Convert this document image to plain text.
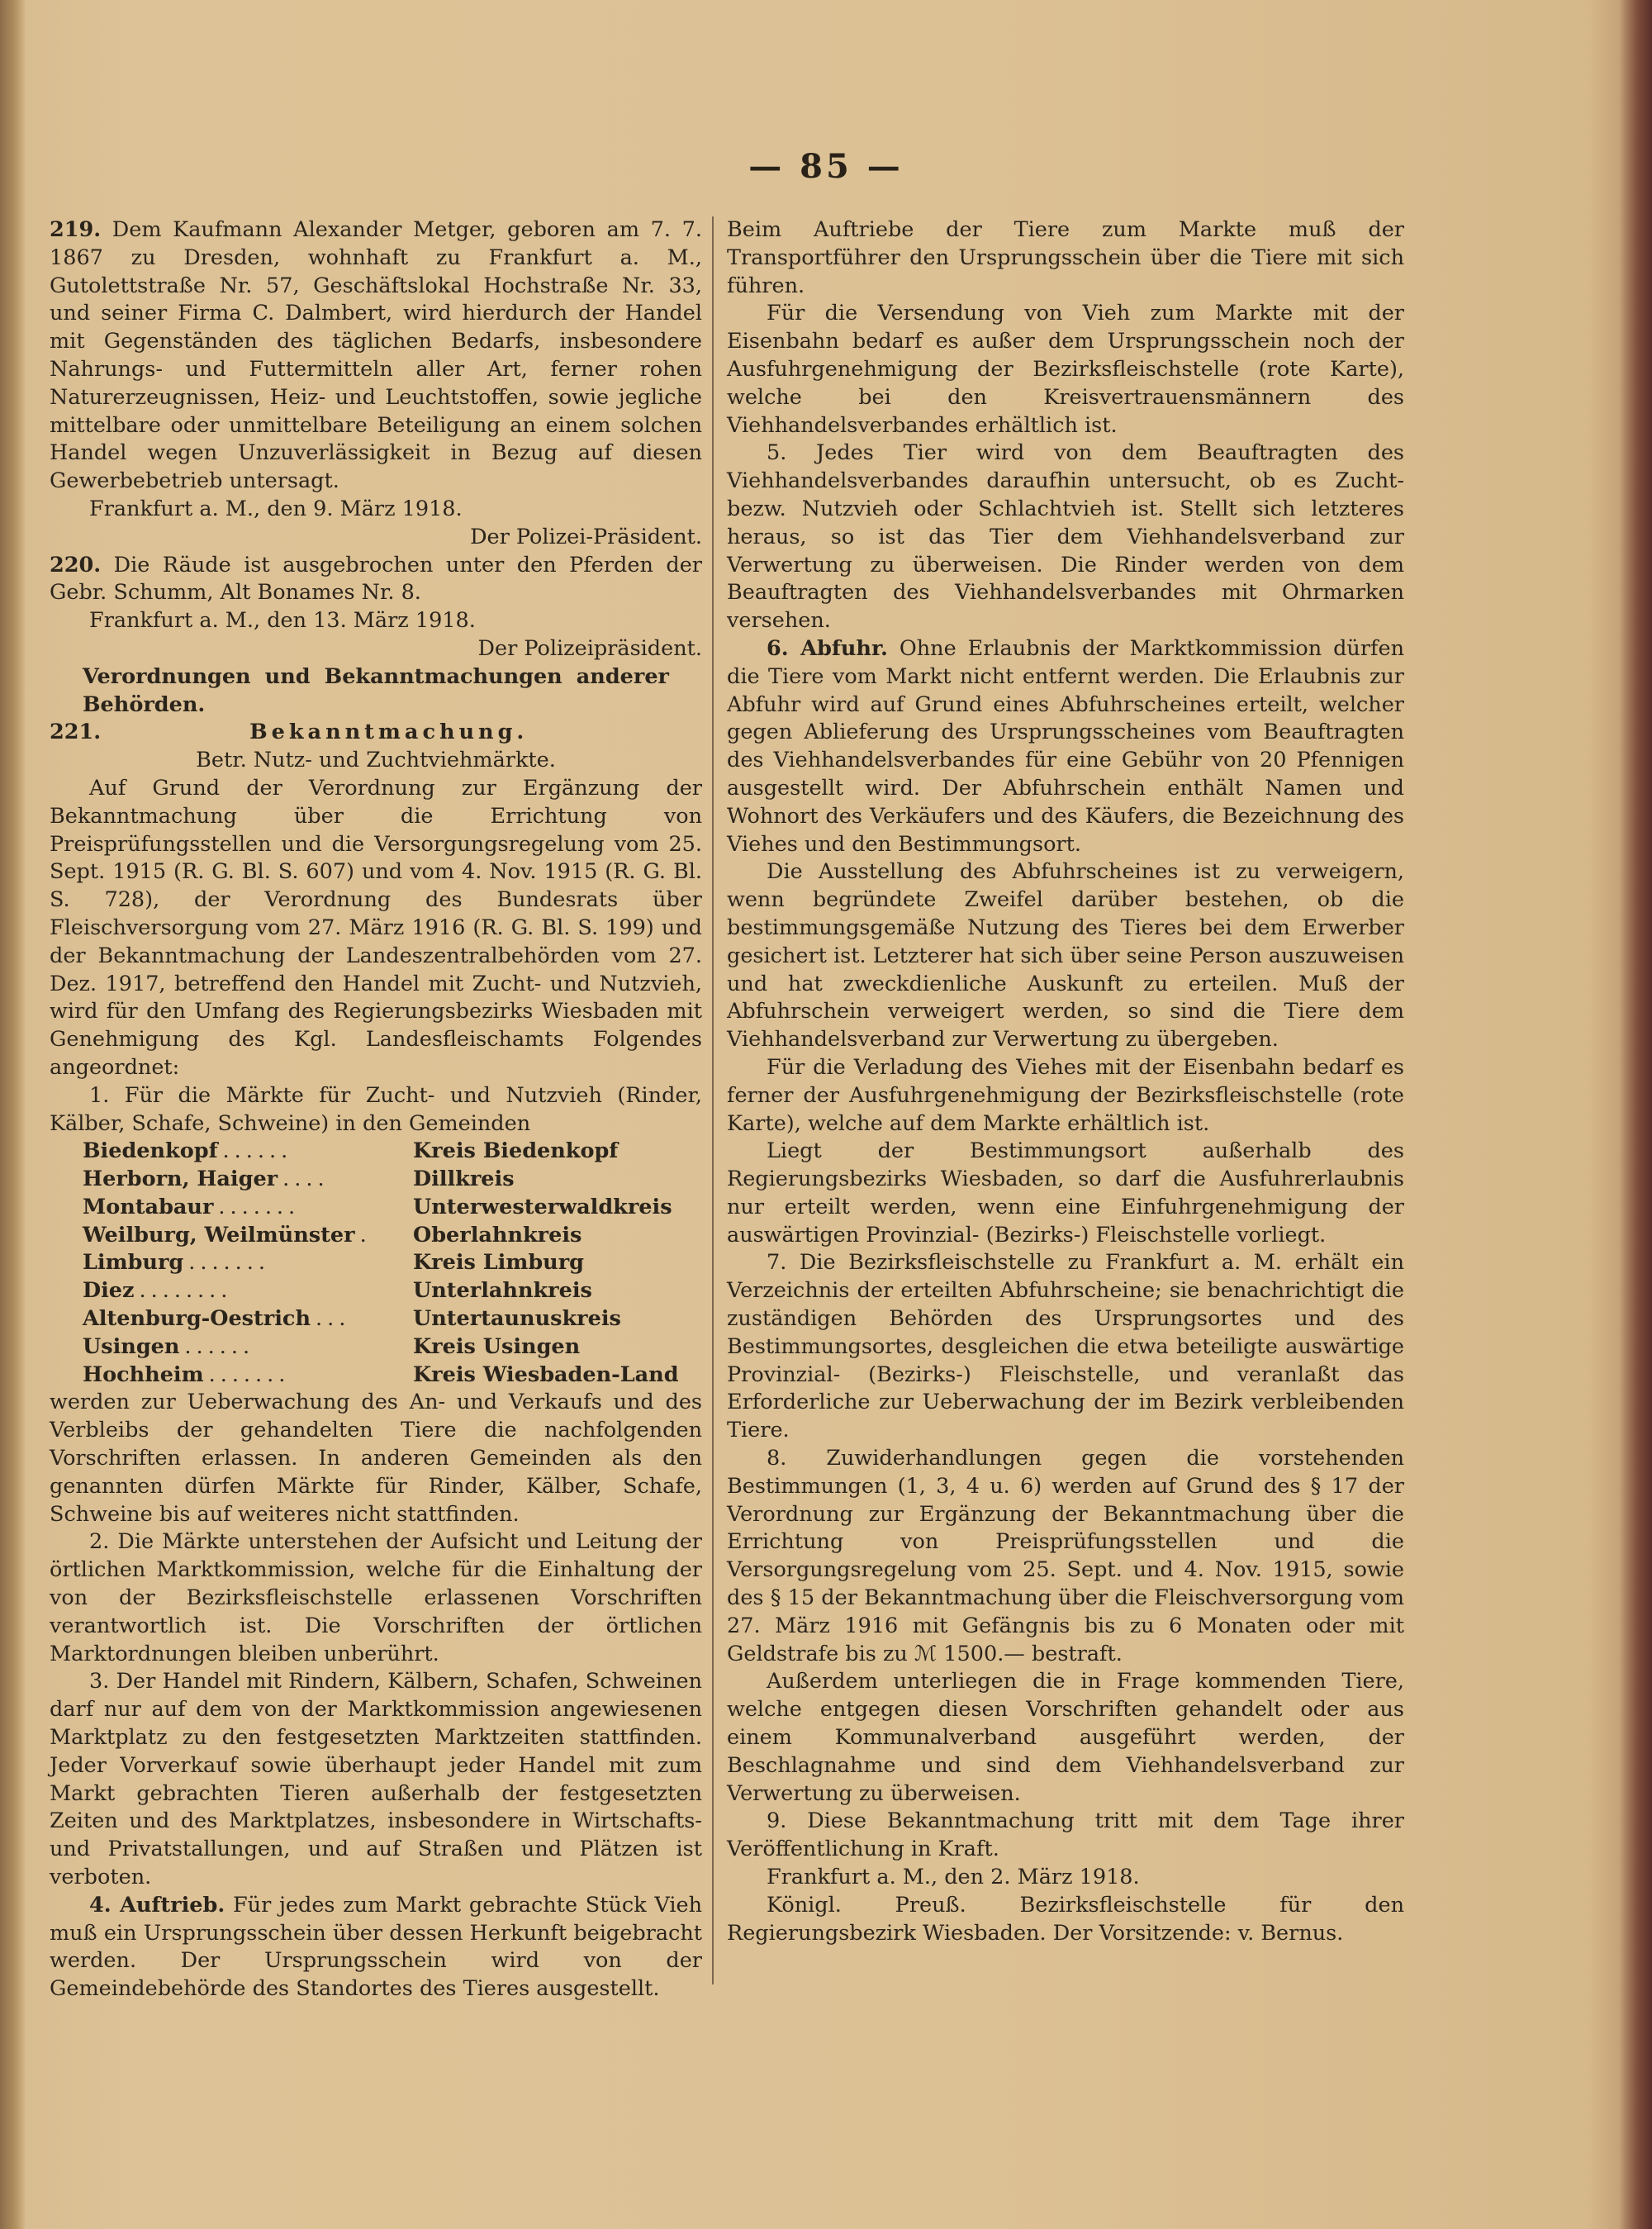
— 85 —

219. Dem Kaufmann Alexander Metger, geboren am 7. 7. 1867 zu Dresden, wohnhaft zu Frankfurt a. M., Gutolettstraße Nr. 57, Geschäftslokal Hochstraße Nr. 33, und seiner Firma C. Dalmbert, wird hierdurch der Handel mit Gegenständen des täglichen Bedarfs, insbesondere Nahrungs- und Futtermitteln aller Art, ferner rohen Naturerzeugnissen, Heiz- und Leuchtstoffen, sowie jegliche mittelbare oder unmittelbare Beteiligung an einem solchen Handel wegen Unzuverlässigkeit in Bezug auf diesen Gewerbebetrieb untersagt.

Frankfurt a. M., den 9. März 1918.

Der Polizei-Präsident.

220. Die Räude ist ausgebrochen unter den Pferden der Gebr. Schumm, Alt Bonames Nr. 8.

Frankfurt a. M., den 13. März 1918.

Der Polizeipräsident.

Verordnungen und Bekanntmachungen anderer Behörden.

221.	Bekanntmachung.

Betr. Nutz- und Zuchtviehmärkte.

Auf Grund der Verordnung zur Ergänzung der Bekanntmachung über die Errichtung von Preisprüfungsstellen und die Versorgungsregelung vom 25. Sept. 1915 (R. G. Bl. S. 607) und vom 4. Nov. 1915 (R. G. Bl. S. 728), der Verordnung des Bundesrats über Fleischversorgung vom 27. März 1916 (R. G. Bl. S. 199) und der Bekanntmachung der Landeszentralbehörden vom 27. Dez. 1917, betreffend den Handel mit Zucht- und Nutzvieh, wird für den Umfang des Regierungsbezirks Wiesbaden mit Genehmigung des Kgl. Landesfleischamts Folgendes angeordnet:

1. Für die Märkte für Zucht- und Nutzvieh (Rinder, Kälber, Schafe, Schweine) in den Gemeinden

Biedenkopf ......	Kreis Biedenkopf
Herborn, Haiger ....	Dillkreis
Montabaur .......	Unterwesterwaldkreis
Weilburg, Weilmünster .	Oberlahnkreis
Limburg .......	Kreis Limburg
Diez ........	Unterlahnkreis
Altenburg-Oestrich ...	Untertaunuskreis
Usingen ......	Kreis Usingen
Hochheim .......	Kreis Wiesbaden-Land

werden zur Ueberwachung des An- und Verkaufs und des Verbleibs der gehandelten Tiere die nachfolgenden Vorschriften erlassen. In anderen Gemeinden als den genannten dürfen Märkte für Rinder, Kälber, Schafe, Schweine bis auf weiteres nicht stattfinden.

2. Die Märkte unterstehen der Aufsicht und Leitung der örtlichen Marktkommission, welche für die Einhaltung der von der Bezirksfleischstelle erlassenen Vorschriften verantwortlich ist. Die Vorschriften der örtlichen Marktordnungen bleiben unberührt.

3. Der Handel mit Rindern, Kälbern, Schafen, Schweinen darf nur auf dem von der Marktkommission angewiesenen Marktplatz zu den festgesetzten Marktzeiten stattfinden. Jeder Vorverkauf sowie überhaupt jeder Handel mit zum Markt gebrachten Tieren außerhalb der festgesetzten Zeiten und des Marktplatzes, insbesondere in Wirtschafts- und Privatstallungen, und auf Straßen und Plätzen ist verboten.

4. Auftrieb. Für jedes zum Markt gebrachte Stück Vieh muß ein Ursprungsschein über dessen Herkunft beigebracht werden. Der Ursprungsschein wird von der Gemeindebehörde des Standortes des Tieres ausgestellt.

Beim Auftriebe der Tiere zum Markte muß der Transportführer den Ursprungsschein über die Tiere mit sich führen.

Für die Versendung von Vieh zum Markte mit der Eisenbahn bedarf es außer dem Ursprungsschein noch der Ausfuhrgenehmigung der Bezirksfleischstelle (rote Karte), welche bei den Kreisvertrauensmännern des Viehhandelsverbandes erhältlich ist.

5. Jedes Tier wird von dem Beauftragten des Viehhandelsverbandes daraufhin untersucht, ob es Zucht- bezw. Nutzvieh oder Schlachtvieh ist. Stellt sich letzteres heraus, so ist das Tier dem Viehhandelsverband zur Verwertung zu überweisen. Die Rinder werden von dem Beauftragten des Viehhandelsverbandes mit Ohrmarken versehen.

6. Abfuhr. Ohne Erlaubnis der Marktkommission dürfen die Tiere vom Markt nicht entfernt werden. Die Erlaubnis zur Abfuhr wird auf Grund eines Abfuhrscheines erteilt, welcher gegen Ablieferung des Ursprungsscheines vom Beauftragten des Viehhandelsverbandes für eine Gebühr von 20 Pfennigen ausgestellt wird. Der Abfuhrschein enthält Namen und Wohnort des Verkäufers und des Käufers, die Bezeichnung des Viehes und den Bestimmungsort.

Die Ausstellung des Abfuhrscheines ist zu verweigern, wenn begründete Zweifel darüber bestehen, ob die bestimmungsgemäße Nutzung des Tieres bei dem Erwerber gesichert ist. Letzterer hat sich über seine Person auszuweisen und hat zweckdienliche Auskunft zu erteilen. Muß der Abfuhrschein verweigert werden, so sind die Tiere dem Viehhandelsverband zur Verwertung zu übergeben.

Für die Verladung des Viehes mit der Eisenbahn bedarf es ferner der Ausfuhrgenehmigung der Bezirksfleischstelle (rote Karte), welche auf dem Markte erhältlich ist.

Liegt der Bestimmungsort außerhalb des Regierungsbezirks Wiesbaden, so darf die Ausfuhrerlaubnis nur erteilt werden, wenn eine Einfuhrgenehmigung der auswärtigen Provinzial- (Bezirks-) Fleischstelle vorliegt.

7. Die Bezirksfleischstelle zu Frankfurt a. M. erhält ein Verzeichnis der erteilten Abfuhrscheine; sie benachrichtigt die zuständigen Behörden des Ursprungsortes und des Bestimmungsortes, desgleichen die etwa beteiligte auswärtige Provinzial- (Bezirks-) Fleischstelle, und veranlaßt das Erforderliche zur Ueberwachung der im Bezirk verbleibenden Tiere.

8. Zuwiderhandlungen gegen die vorstehenden Bestimmungen (1, 3, 4 u. 6) werden auf Grund des § 17 der Verordnung zur Ergänzung der Bekanntmachung über die Errichtung von Preisprüfungsstellen und die Versorgungsregelung vom 25. Sept. und 4. Nov. 1915, sowie des § 15 der Bekanntmachung über die Fleischversorgung vom 27. März 1916 mit Gefängnis bis zu 6 Monaten oder mit Geldstrafe bis zu ℳ 1500.— bestraft.

Außerdem unterliegen die in Frage kommenden Tiere, welche entgegen diesen Vorschriften gehandelt oder aus einem Kommunalverband ausgeführt werden, der Beschlagnahme und sind dem Viehhandelsverband zur Verwertung zu überweisen.

9. Diese Bekanntmachung tritt mit dem Tage ihrer Veröffentlichung in Kraft.

Frankfurt a. M., den 2. März 1918.

Königl. Preuß. Bezirksfleischstelle für den Regierungsbezirk Wiesbaden. Der Vorsitzende: v. Bernus.
